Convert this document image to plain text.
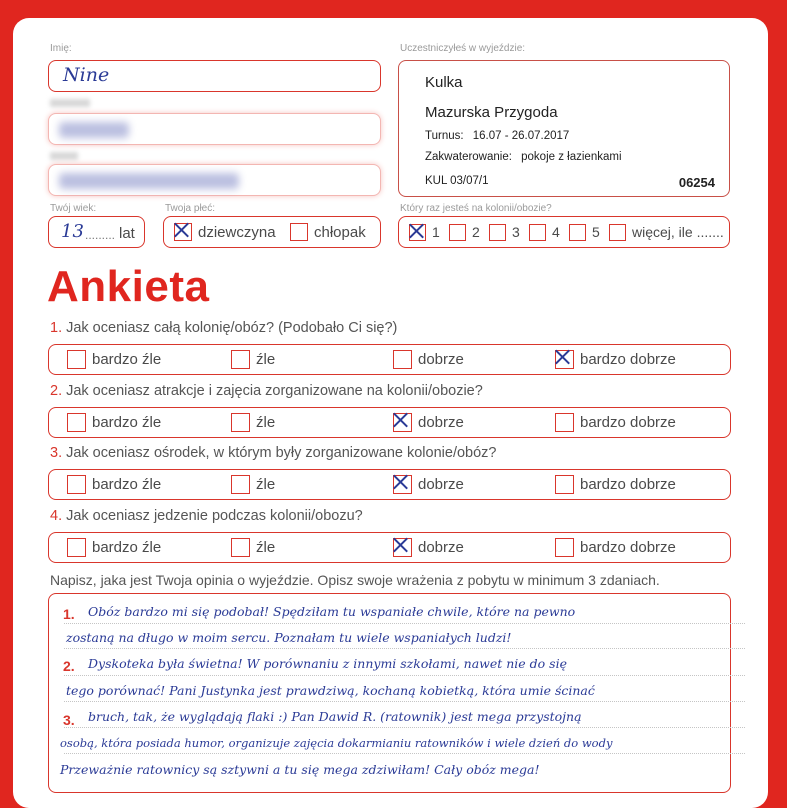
Imię:
Nine
Twój wiek:
13 ......... lat
Twoja płeć:
dziewczyna	chłopak
Uczestniczyłeś w wyjeździe:
Kulka
Mazurska Przygoda
Turnus: 16.07 - 26.07.2017
Zakwaterowanie: pokoje z łazienkami
KUL 03/07/1	06254
Który raz jesteś na kolonii/obozie?
1 2 3 4 5 więcej, ile .......
Ankieta
1. Jak oceniasz całą kolonię/obóz? (Podobało Ci się?)
bardzo źle	źle	dobrze	bardzo dobrze
2. Jak oceniasz atrakcje i zajęcia zorganizowane na kolonii/obozie?
bardzo źle	źle	dobrze	bardzo dobrze
3. Jak oceniasz ośrodek, w którym były zorganizowane kolonie/obóz?
bardzo źle	źle	dobrze	bardzo dobrze
4. Jak oceniasz jedzenie podczas kolonii/obozu?
bardzo źle	źle	dobrze	bardzo dobrze
Napisz, jaka jest Twoja opinia o wyjeździe. Opisz swoje wrażenia z pobytu w minimum 3 zdaniach.
1.
2.
3.
Obóz bardzo mi się podobał! Spędziłam tu wspaniałe chwile, które na pewno
zostaną na długo w moim sercu. Poznałam tu wiele wspaniałych ludzi!
Dyskoteka była świetna! W porównaniu z innymi szkołami, nawet nie do się
tego porównać! Pani Justynka jest prawdziwą, kochaną kobietką, która umie ścinać
bruch, tak, że wyglądają flaki :) Pan Dawid R. (ratownik) jest mega przystojną
osobą, która posiada humor, organizuje zajęcia dokarmianiu ratowników i wiele dzień do wody
Przeważnie ratownicy są sztywni a tu się mega zdziwiłam! Cały obóz mega!
